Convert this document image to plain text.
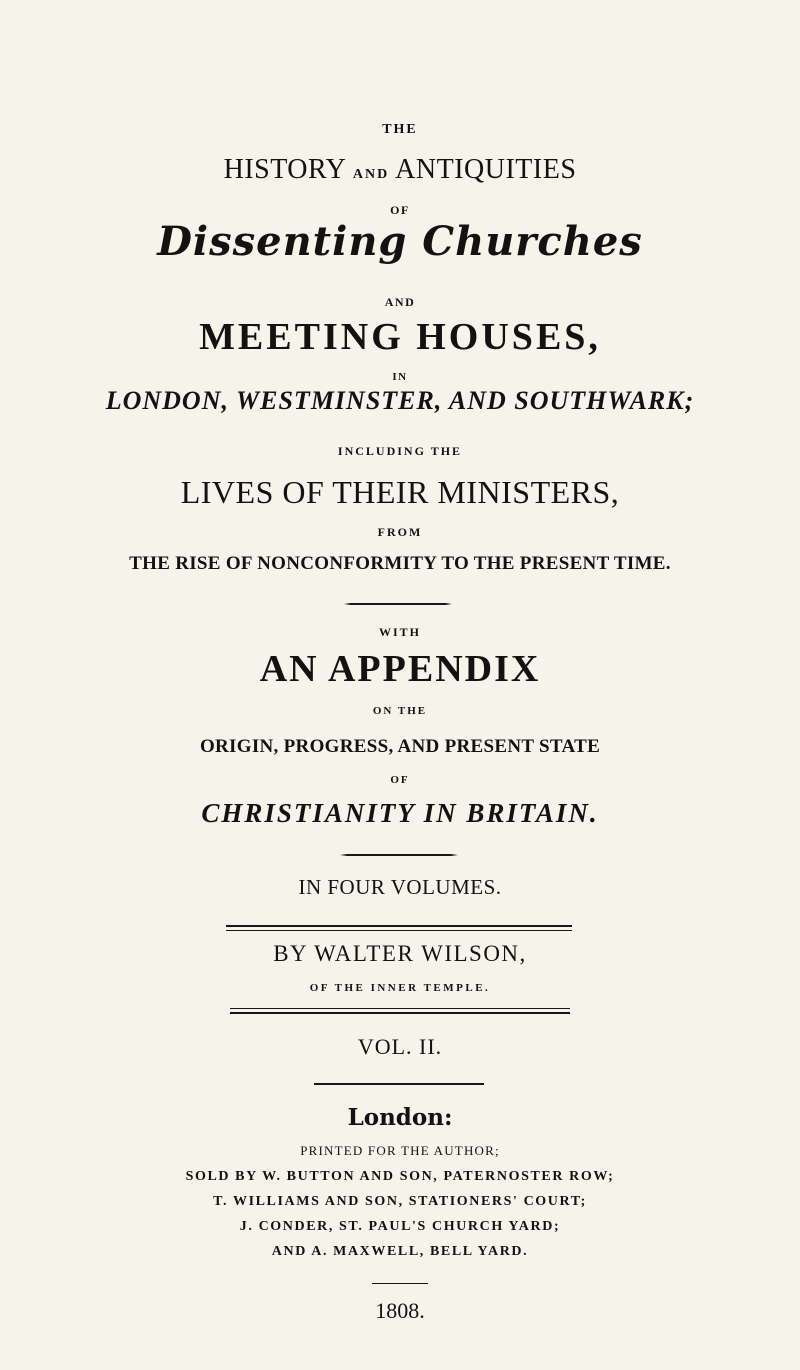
THE
HISTORY AND ANTIQUITIES
OF
Dissenting Churches
AND
MEETING HOUSES,
IN
LONDON, WESTMINSTER, AND SOUTHWARK;
INCLUDING THE
LIVES OF THEIR MINISTERS,
FROM
THE RISE OF NONCONFORMITY TO THE PRESENT TIME.
WITH
AN APPENDIX
ON THE
ORIGIN, PROGRESS, AND PRESENT STATE
OF
CHRISTIANITY IN BRITAIN.
IN FOUR VOLUMES.
BY WALTER WILSON,
OF THE INNER TEMPLE.
VOL. II.
London:
PRINTED FOR THE AUTHOR;
SOLD BY W. BUTTON AND SON, PATERNOSTER ROW;
T. WILLIAMS AND SON, STATIONERS' COURT;
J. CONDER, ST. PAUL'S CHURCH YARD;
AND A. MAXWELL, BELL YARD.
1808.
